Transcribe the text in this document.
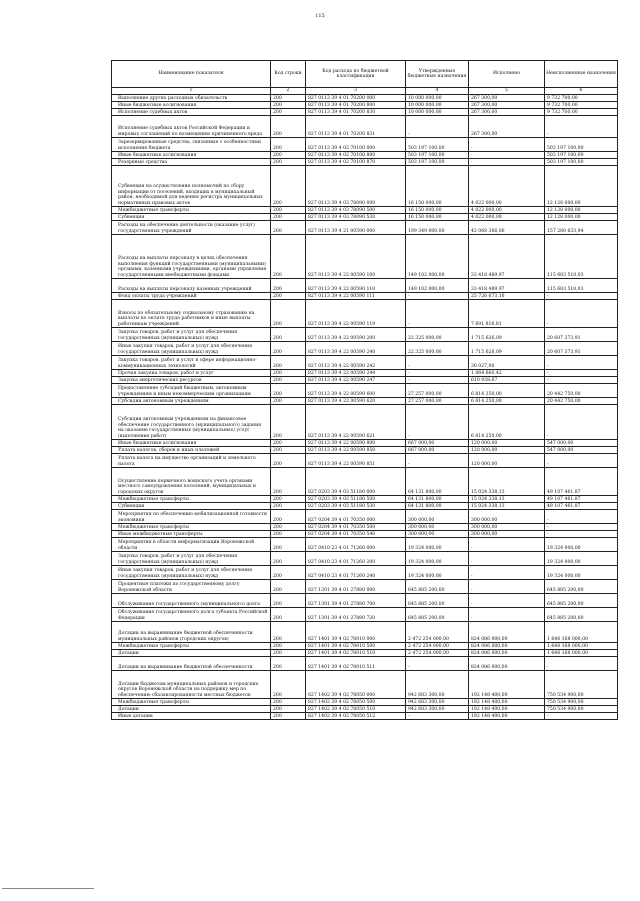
115
Наименование показателя	Код строки	Код расхода по бюджетной классификации	Утвержденные бюджетные назначения	Исполнено	Неисполненные назначения
1	2	3	4	5	6

Выполнение других расходных обязательств	200	827 0113 39 4 01 70200 000	10 000 000,00	267 300,00	9 732 700,00

Иные бюджетные ассигнования	200	827 0113 39 4 01 70200 800	10 000 000,00	267 300,00	9 732 700,00

Исполнение судебных актов	200	827 0113 39 4 01 70200 830	10 000 000,00	267 300,00	9 732 700,00

Исполнение судебных актов Российской Федерации и мировых соглашений по возмещению причиненного вреда	200	827 0113 39 4 01 70200 831	-	267 300,00	-

Зарезервированные средства, связанные с особенностями исполнения бюджета	200	827 0113 39 4 02 70100 000	503 197 100,00	-	503 197 100,00

Иные бюджетные ассигнования	200	827 0113 39 4 02 70100 800	503 197 100,00	-	503 197 100,00

Резервные средства	200	827 0113 39 4 02 70100 870	503 197 100,00	-	503 197 100,00

Субвенции на осуществление полномочий по сбору информации от поселений, входящих в муниципальный район, необходимой для ведения регистра муниципальных нормативных правовых актов	200	827 0113 39 4 03 78090 000	16 150 000,00	4 022 000,00	12 128 000,00

Межбюджетные трансферты	200	827 0113 39 4 03 78090 500	16 150 000,00	4 022 000,00	12 128 000,00

Субвенции	200	827 0113 39 4 03 78090 530	16 150 000,00	4 022 000,00	12 128 000,00

Расходы на обеспечение деятельности (оказание услуг) государственных учреждений	200	827 0113 39 4 21 00590 000	199 349 000,00	42 068 366,06	157 280 633,94

Расходы на выплаты персоналу в целях обеспечения выполнения функций государственными (муниципальными) органами, казенными учреждениями, органами управления государственными внебюджетными фондами	200	827 0113 39 4 22 00590 100	149 102 000,00	33 418 489,97	115 683 510,03

Расходы на выплаты персоналу казенных учреждений	200	827 0113 39 4 22 00590 110	149 102 000,00	33 418 489,97	115 683 510,03

Фонд оплаты труда учреждений	200	827 0113 39 4 22 00590 111	-	25 726 673,16	-

Взносы по обязательному социальному страхованию на выплаты по оплате труда работников и иные выплаты работникам учреждений	200	827 0113 39 4 22 00590 119	-	7 691 816,81	-

Закупка товаров, работ и услуг для обеспечения государственных (муниципальных) нужд	200	827 0113 39 4 22 00590 200	22 325 000,00	1 715 626,09	20 607 373,91

Иные закупки товаров, работ и услуг для обеспечения государственных (муниципальных) нужд	200	827 0113 39 4 22 00590 240	22 325 000,00	1 715 626,09	20 607 373,91

Закупка товаров, работ и услуг в сфере информационно-коммуникационных технологий	200	827 0113 39 4 22 00590 242	-	30 027,00	-

Прочая закупка товаров, работ и услуг	200	827 0113 39 4 22 00590 244	-	1 064 660,42	-

Закупка энергетических ресурсов	200	827 0113 39 4 22 00590 247	-	610 938,67	-

Предоставление субсидий бюджетным, автономным учреждениям и иным некоммерческим организациям	200	827 0113 39 4 22 00590 600	27 257 000,00	6 814 250,00	20 442 750,00

Субсидии автономным учреждениям	200	827 0113 39 4 22 00590 620	27 257 000,00	6 814 250,00	20 442 750,00

Субсидии автономным учреждениям на финансовое обеспечение государственного (муниципального) задания на оказание государственных (муниципальных) услуг (выполнение работ)	200	827 0113 39 4 22 00590 621	-	6 814 250,00	-

Иные бюджетные ассигнования	200	827 0113 39 4 22 00590 800	667 000,00	120 000,00	547 000,00

Уплата налогов, сборов и иных платежей	200	827 0113 39 4 22 00590 850	667 000,00	120 000,00	547 000,00

Уплата налога на имущество организаций и земельного налога	200	827 0113 39 4 22 00590 851	-	120 000,00	-

Осуществление первичного воинского учета органами местного самоуправления поселений, муниципальных и городских округов	200	827 0203 39 4 03 51180 000	64 131 800,00	15 024 338,13	49 107 461,87

Межбюджетные трансферты	200	827 0203 39 4 03 51180 500	64 131 800,00	15 024 338,13	49 107 461,87

Субвенции	200	827 0203 39 4 03 51180 530	64 131 800,00	15 024 338,13	49 107 461,87

Мероприятия по обеспечению мобилизационной готовности экономики	200	827 0204 39 4 01 70350 000	300 000,00	300 000,00	-

Межбюджетные трансферты	200	827 0204 39 4 01 70350 500	300 000,00	300 000,00	-

Иные межбюджетные трансферты	200	827 0204 39 4 01 70350 540	300 000,00	300 000,00	-

Мероприятия в области информатизации Воронежской области	200	827 0410 23 4 01 71260 000	19 324 000,00	-	19 324 000,00

Закупка товаров, работ и услуг для обеспечения государственных (муниципальных) нужд	200	827 0410 23 4 01 71260 200	19 324 000,00	-	19 324 000,00

Иные закупки товаров, работ и услуг для обеспечения государственных (муниципальных) нужд	200	827 0410 23 4 01 71260 240	19 324 000,00	-	19 324 000,00

Процентные платежи по государственному долгу Воронежской области	200	827 1301 39 4 01 27880 000	645 885 200,00	-	645 885 200,00

Обслуживание государственного (муниципального) долга	200	827 1301 39 4 01 27880 700	645 885 200,00	-	645 885 200,00

Обслуживание государственного долга субъекта Российской Федерации	200	827 1301 39 4 01 27880 720	645 885 200,00	-	645 885 200,00

Дотации на выравнивание бюджетной обеспеченности муниципальных районов (городских округов)	200	827 1401 39 4 02 78010 000	2 472 254 000,00	824 086 000,00	1 648 168 000,00

Межбюджетные трансферты	200	827 1401 39 4 02 78010 500	2 472 254 000,00	824 086 000,00	1 648 168 000,00

Дотации	200	827 1401 39 4 02 78010 510	2 472 254 000,00	824 086 000,00	1 648 168 000,00

Дотации на выравнивание бюджетной обеспеченности	200	827 1401 39 4 02 78010 511	-	824 086 000,00	-

Дотации бюджетам муниципальных районов и городских округов Воронежской области на поддержку мер по обеспечению сбалансированности местных бюджетов	200	827 1402 39 4 02 78050 000	942 683 300,00	192 148 400,00	750 534 900,00

Межбюджетные трансферты	200	827 1402 39 4 02 78050 500	942 683 300,00	192 148 400,00	750 534 900,00

Дотации	200	827 1402 39 4 02 78050 510	942 683 300,00	192 148 400,00	750 534 900,00

Иные дотации	200	827 1402 39 4 02 78050 512	-	192 148 400,00	-
